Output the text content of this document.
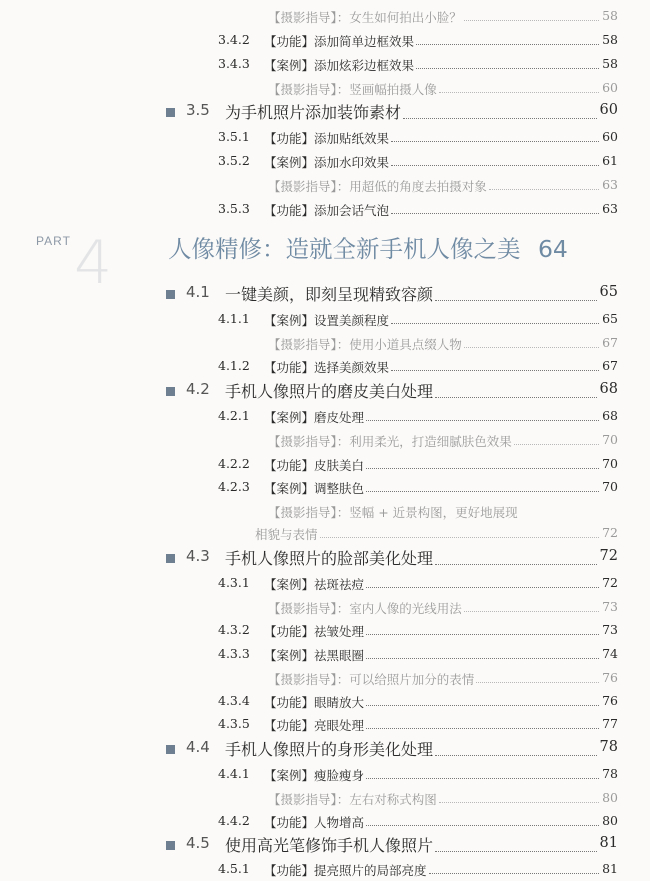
4
PART	人像精修：造就全新手机人像之美 64
【摄影指导】：女生如何拍出小脸？	58
3.4.2 【功能】添加简单边框效果	58
3.4.3 【案例】添加炫彩边框效果	58
【摄影指导】：竖画幅拍摄人像	60
3.5 为手机照片添加装饰素材	60
3.5.1 【功能】添加贴纸效果	60
3.5.2 【案例】添加水印效果	61
【摄影指导】：用超低的角度去拍摄对象	63
3.5.3 【功能】添加会话气泡	63
4.1 一键美颜，即刻呈现精致容颜	65
4.1.1 【案例】设置美颜程度	65
【摄影指导】：使用小道具点缀人物	67
4.1.2 【功能】选择美颜效果	67
4.2 手机人像照片的磨皮美白处理	68
4.2.1 【案例】磨皮处理	68
【摄影指导】：利用柔光，打造细腻肤色效果	70
4.2.2 【功能】皮肤美白	70
4.2.3 【案例】调整肤色	70
【摄影指导】：竖幅 + 近景构图，更好地展现
相貌与表情	72
4.3 手机人像照片的脸部美化处理	72
4.3.1 【案例】祛斑祛痘	72
【摄影指导】：室内人像的光线用法	73
4.3.2 【功能】祛皱处理	73
4.3.3 【案例】祛黑眼圈	74
【摄影指导】：可以给照片加分的表情	76
4.3.4 【功能】眼睛放大	76
4.3.5 【功能】亮眼处理	77
4.4 手机人像照片的身形美化处理	78
4.4.1 【案例】瘦脸瘦身	78
【摄影指导】：左右对称式构图	80
4.4.2 【功能】人物增高	80
4.5 使用高光笔修饰手机人像照片	81
4.5.1 【功能】提亮照片的局部亮度	81
